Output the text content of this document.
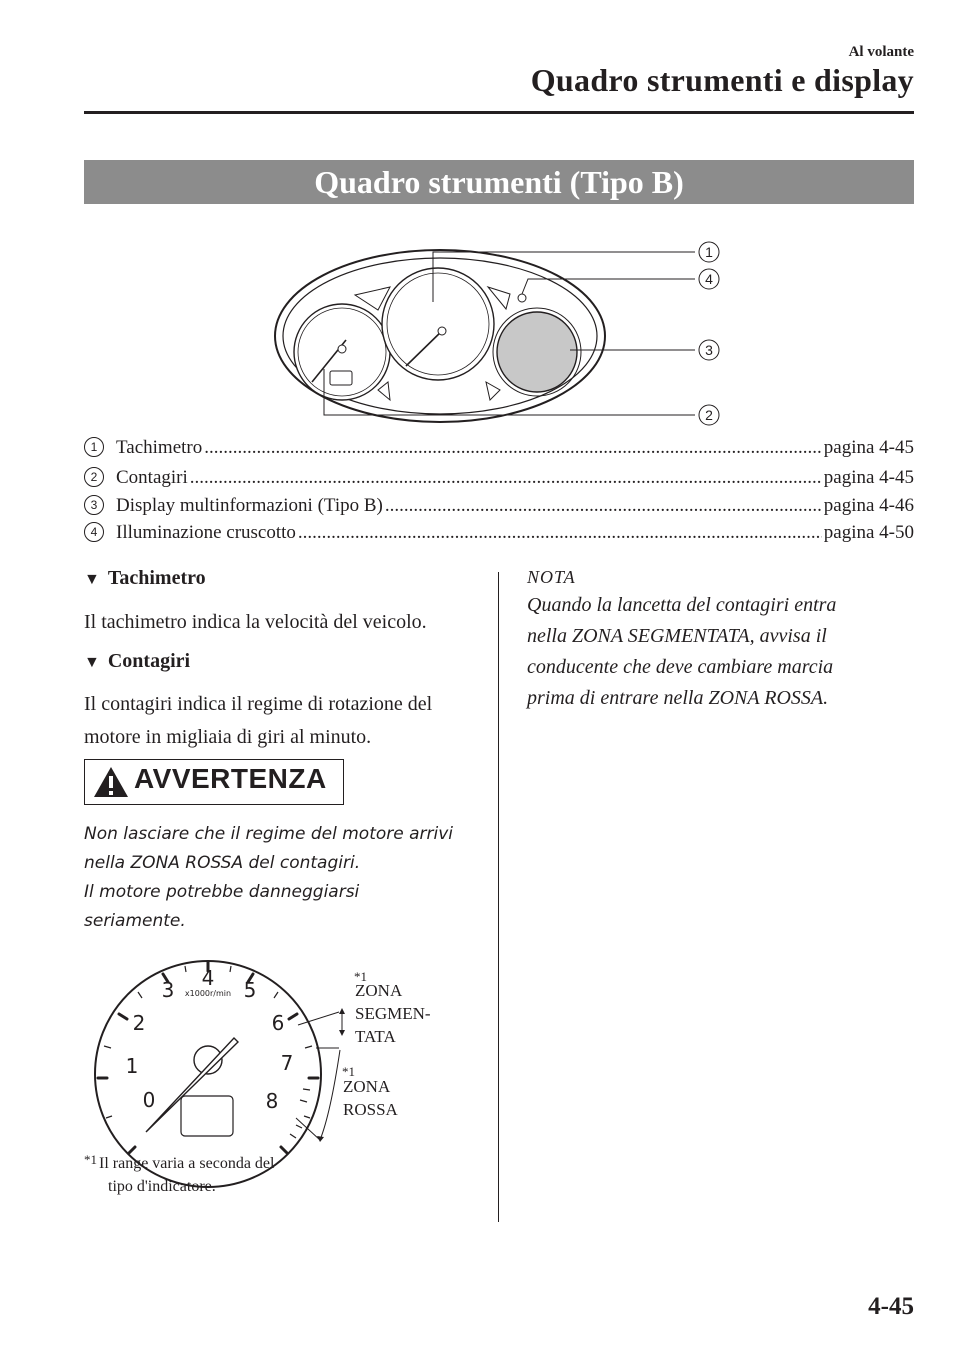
Al volante
Quadro strumenti e display
Quadro strumenti (Tipo B)
1
4
3
2
1 Tachimetro .....	pagina 4-45
2 Contagiri .....	pagina 4-45
3 Display multinformazioni (Tipo B) .....	pagina 4-46
4 Illuminazione cruscotto .....	pagina 4-50
▼ Tachimetro
Il tachimetro indica la velocità del veicolo.
▼ Contagiri
Il contagiri indica il regime di rotazione del motore in migliaia di giri al minuto.
AVVERTENZA
Non lasciare che il regime del motore arrivi
nella ZONA ROSSA del contagiri.
Il motore potrebbe danneggiarsi
seriamente.
0
1
2
3 4 5
6
7
8
x1000r/min
*1
ZONA
SEGMEN-
TATA
*1
ZONA
ROSSA
$^{*1}$ Il range varia a seconda del
tipo d'indicatore.
NOTA
Quando la lancetta del contagiri entra
nella ZONA SEGMENTATA, avvisa il
conducente che deve cambiare marcia
prima di entrare nella ZONA ROSSA.
4-45
